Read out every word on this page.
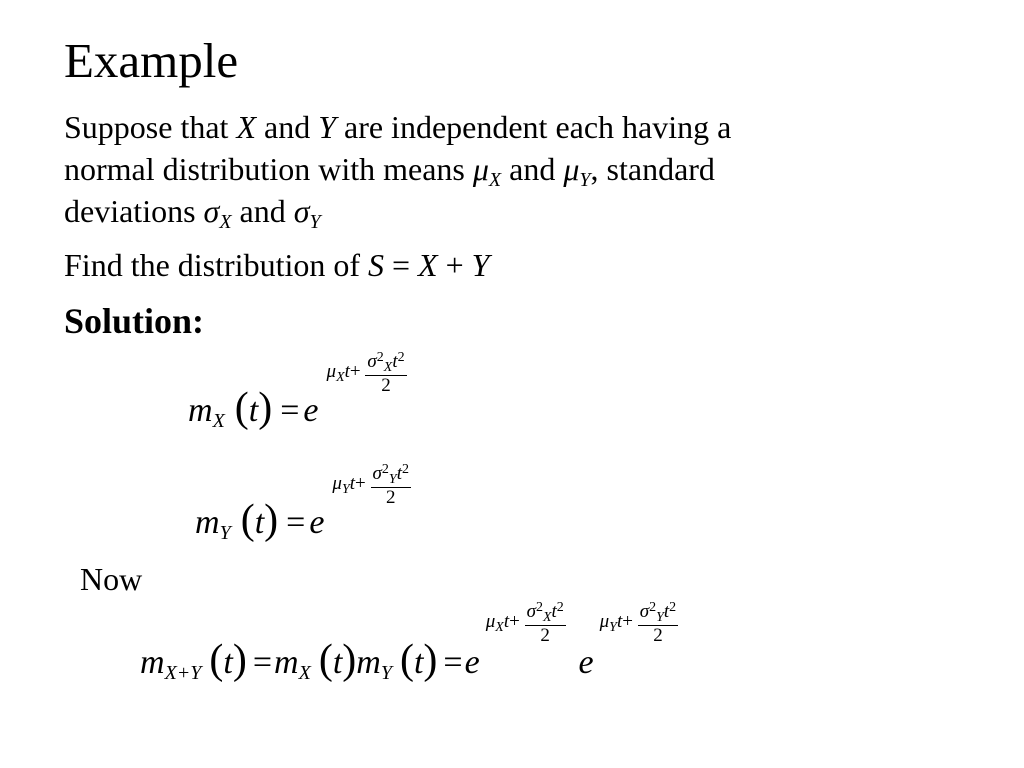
Example
Suppose that X and Y are independent each having a
normal distribution with means $\mu_X$ and $\mu_Y$, standard
deviations $\sigma_X$ and $\sigma_Y$
Find the distribution of S = X + Y
Solution:
mX (t) = e $\mu_Xt+ \frac{\sigma^2_Xt^2}{2}$
mY (t) = e $\mu_Yt+ \frac{\sigma^2_Yt^2}{2}$
Now
mX+Y (t) =mX (t)mY (t) =e $\mu_Xt+ \frac{\sigma^2_Xt^2}{2}$
e $\mu_Yt+ \frac{\sigma^2_Yt^2}{2}$
